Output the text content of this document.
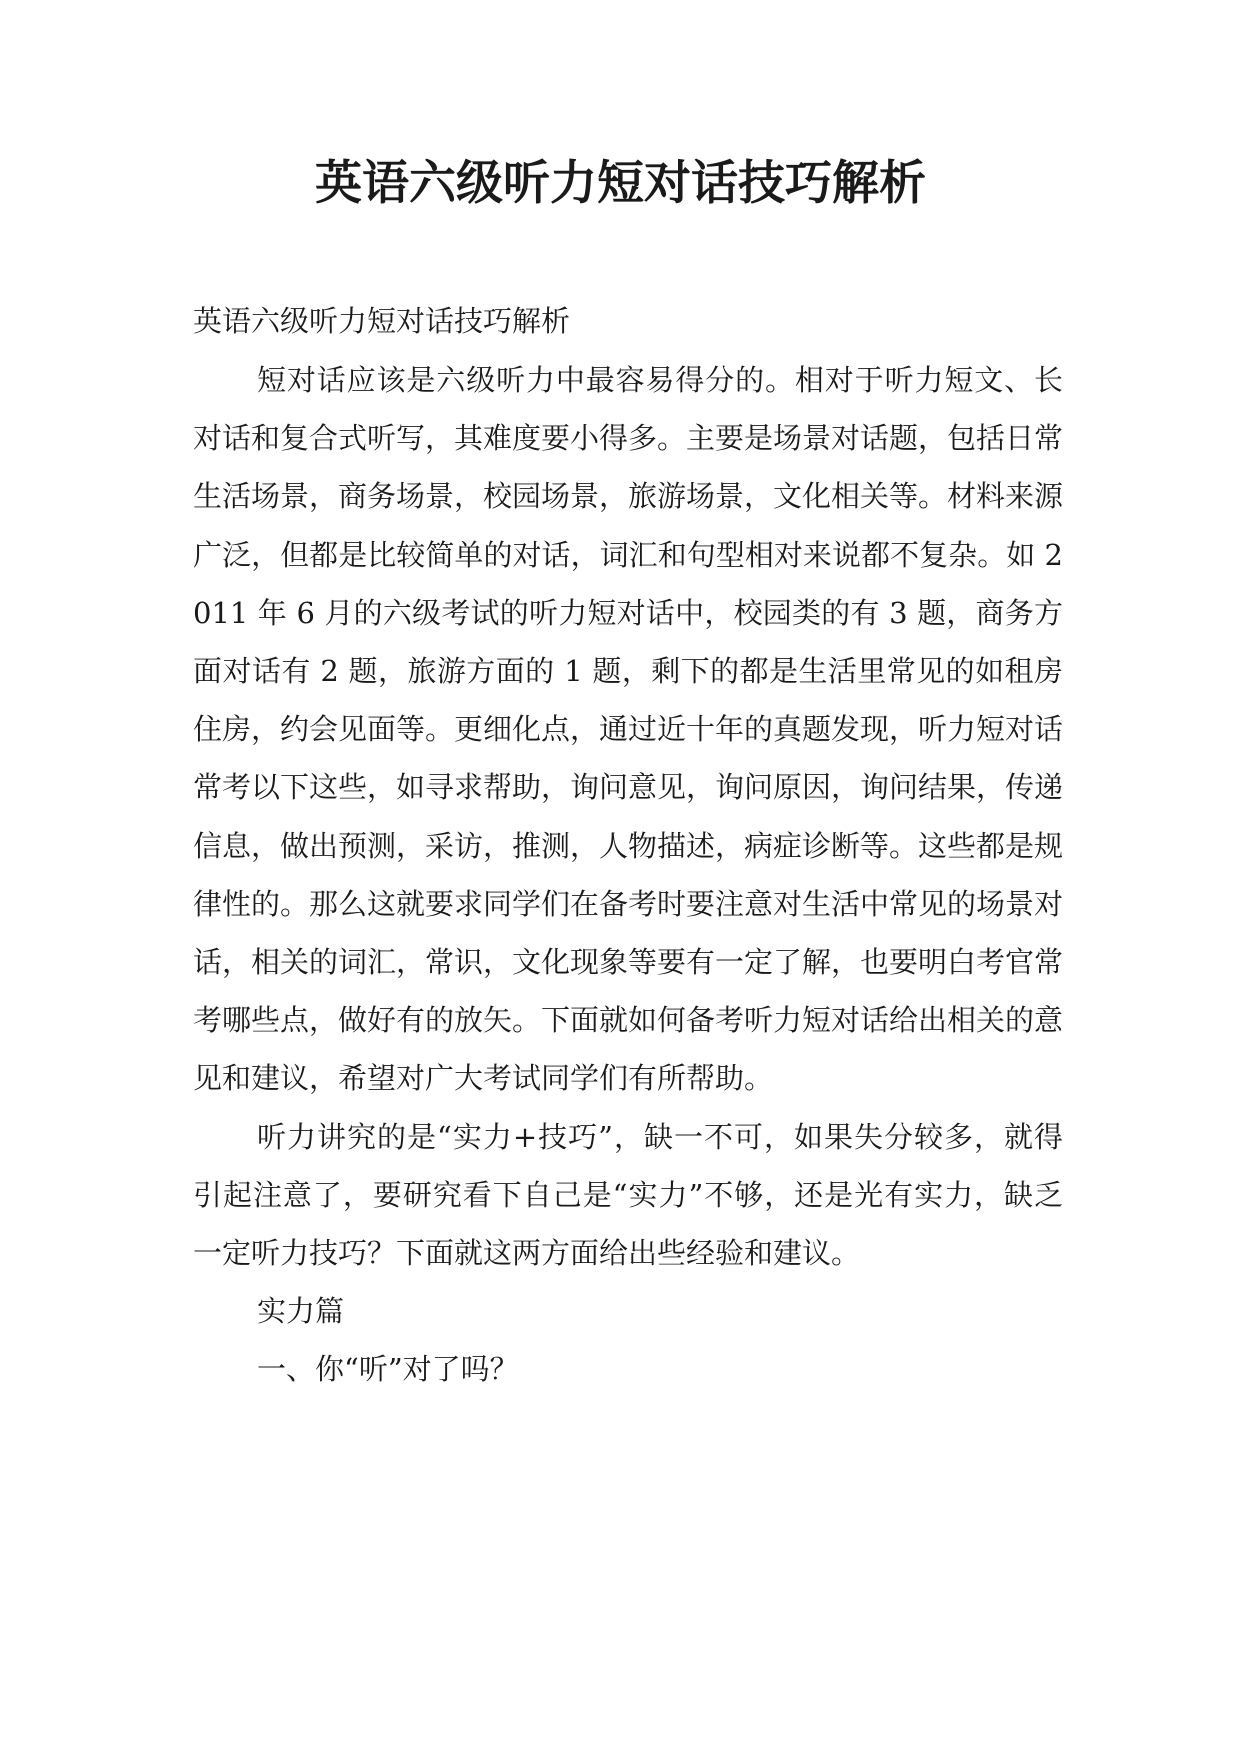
英语六级听力短对话技巧解析

英语六级听力短对话技巧解析

短对话应该是六级听力中最容易得分的。相对于听力短文、长对话和复合式听写，其难度要小得多。主要是场景对话题，包括日常生活场景，商务场景，校园场景，旅游场景，文化相关等。材料来源广泛，但都是比较简单的对话，词汇和句型相对来说都不复杂。如 2011 年 6 月的六级考试的听力短对话中，校园类的有 3 题，商务方面对话有 2 题，旅游方面的 1 题，剩下的都是生活里常见的如租房住房，约会见面等。更细化点，通过近十年的真题发现，听力短对话常考以下这些，如寻求帮助，询问意见，询问原因，询问结果，传递信息，做出预测，采访，推测，人物描述，病症诊断等。这些都是规律性的。那么这就要求同学们在备考时要注意对生活中常见的场景对话，相关的词汇，常识，文化现象等要有一定了解，也要明白考官常考哪些点，做好有的放矢。下面就如何备考听力短对话给出相关的意见和建议，希望对广大考试同学们有所帮助。

听力讲究的是“实力+技巧”，缺一不可，如果失分较多，就得引起注意了，要研究看下自己是“实力”不够，还是光有实力，缺乏一定听力技巧？下面就这两方面给出些经验和建议。

实力篇

一、你“听”对了吗？
